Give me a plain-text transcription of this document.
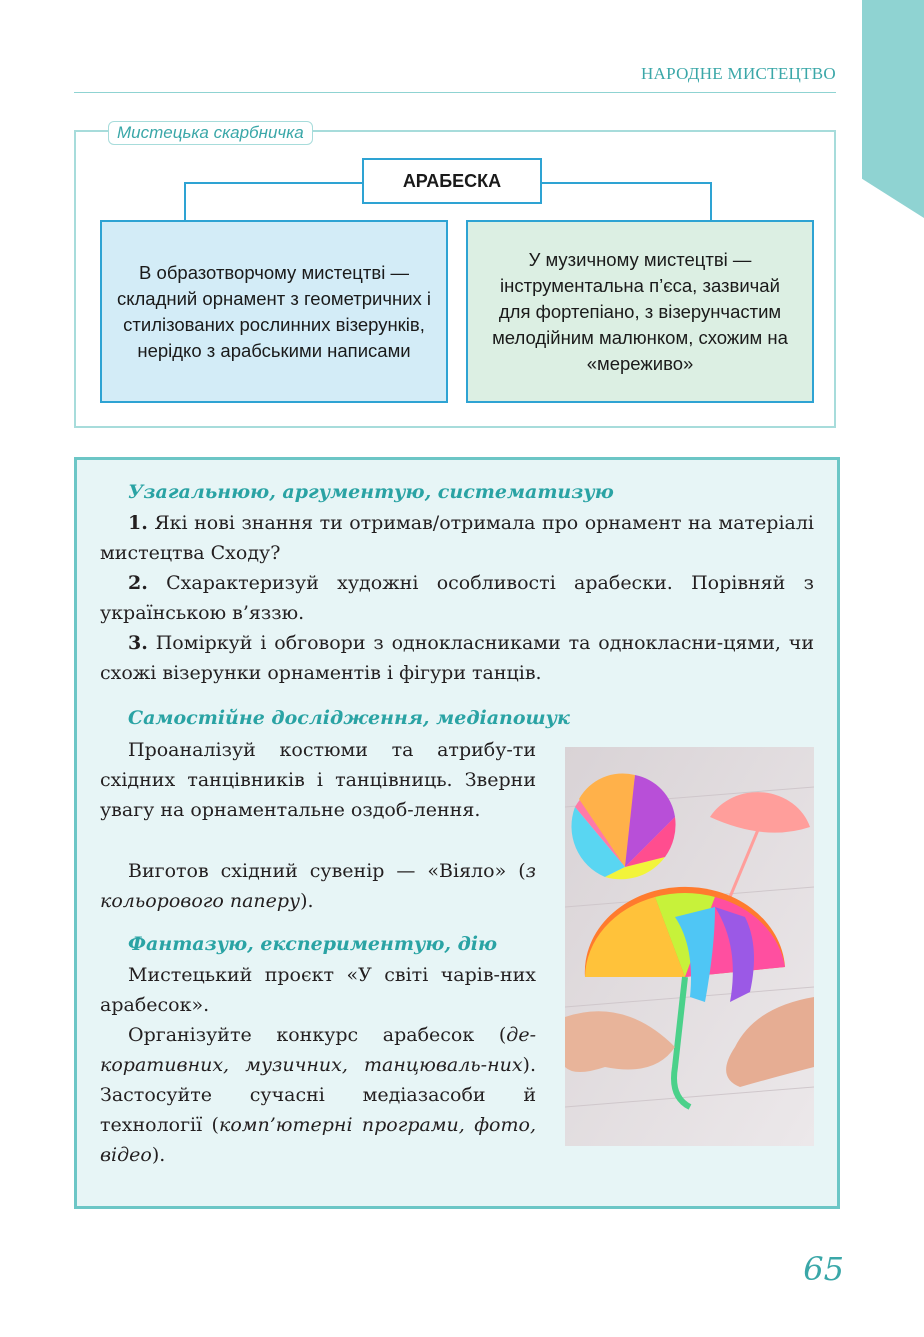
НАРОДНЕ МИСТЕЦТВО
Мистецька скарбничка
АРАБЕСКА
В образотворчому мистецтві — складний орнамент з геометричних і стилізованих рослинних візерунків, нерідко з арабськими написами
У музичному мистецтві — інструментальна п’єса, зазвичай для фортепіано, з візерунчастим мелодійним малюнком, схожим на «мереживо»
Узагальнюю, аргументую, систематизую
1. Які нові знання ти отримав/отримала про орнамент на матеріалі мистецтва Сходу?
2. Схарактеризуй художні особливості арабески. Порівняй з українською в’яззю.
3. Поміркуй і обговори з однокласниками та однокласни-цями, чи схожі візерунки орнаментів і фігури танців.
Самостійне дослідження, медіапошук
Проаналізуй костюми та атрибу-ти східних танцівників і танцівниць. Зверни увагу на орнаментальне оздоб-лення.
Виготов східний сувенір — «Віяло» (з кольорового паперу).
Фантазую, експериментую, дію
Мистецький проєкт «У світі чарів-них арабесок».
Організуйте конкурс арабесок (де-коративних, музичних, танцюваль-них). Застосуйте сучасні медіазасоби й технології (комп’ютерні програми, фото, відео).
65
